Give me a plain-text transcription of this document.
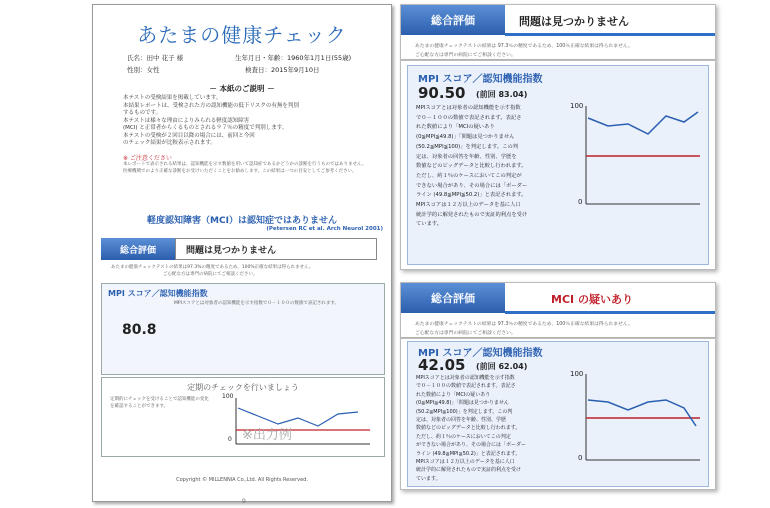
あたまの健康チェック
氏名：田中 花子 様	生年月日・年齢：1960年1月1日(55歳)
性別：女性	検査日：2015年9月10日
－ 本紙のご説明 －
本テストの受検結果を掲載しています。
本結果レポートは、受検された方の認知機能の低下リスクの有無を判別
するものです。
本テストは様々な理由によりみられる軽度認知障害
(MCI) と正常者からくるものとされる９７％の精度で判別します。
本テストの受検が２回目以降の場合には、前回と今回
のチェック結果が比較表示されます。
※ ご注意ください
本レポートで表示される結果は、認知機能を示す数値を用いて認知症であるかどうかの診断を行うものではありません。
医療機関でのより正確な診断をお受けいただくことをお勧めします。この結果は一つの目安としてご参考ください。
軽度認知障害（MCI）は認知症ではありません
(Petersen RC et al. Arch Neurol 2001)
総合評価	問題は見つかりません
あたまの健康チェックテストの結果は97.3%の精度であるため、100%正確な結果は得られません。
ご心配な方は専門の病院にてご相談ください。
MPI スコア／認知機能指数
80.8
MPIスコアとは対象者の認知機能を示す指数で０－１００の数値で表記されます。
定期のチェックを行いましょう
定期的にチェックを受けることで認知機能の変化を確認することができます。
100
0 ※出力例
Copyright © MILLENNIA Co.,Ltd. All Rights Reserved.
9
総合評価	問題は見つかりません
あたまの健康チェックテストの結果は 97.3％の精度であるため、100％正確な結果は得られません。
ご心配な方は専門の病院にてご相談ください。
MPI スコア／認知機能指数
90.50 (前回 83.04)
MPIスコアとは対象者の認知機能を示す指数
で０－１００の数値で表記されます。表記さ
れた数値により「MCIの疑いあり
(0≦MPI≦49.8)」「問題は見つかりません
(50.2≦MPI≦100)」を判定します。この判
定は、対象者の回答を年齢、性別、学歴を
数値などのビッグデータと比較し行われます。
ただし、約１％のケースにおいてこの判定が
できない場合があり、その場合には「ボーダー
ライン (49.8≦MPI≦50.2)」と表記されます。
MPIスコアは１２万以上のデータを基に人口
統計学的に解発されたもので実証的利点を受け
ています。
100
0
総合評価	MCI の疑いあり
あたまの健康チェックテストの結果は 97.3％の精度であるため、100％正確な結果は得られません。
ご心配な方は専門の病院にてご相談ください。
MPI スコア／認知機能指数
42.05 (前回 62.04)
MPIスコアとは対象者の認知機能を示す指数
で０－１００の数値で表記されます。表記さ
れた数値により「MCIの疑いあり
(0≦MPI≦49.8)」「問題は見つかりません
(50.2≦MPI≦100)」を判定します。この判
定は、対象者の回答を年齢、性別、学歴
数値などのビッグデータと比較し行われます。
ただし、約１％のケースにおいてこの判定
ができない場合があり、その場合には「ボーダー
ライン (49.8≦MPI≦50.2)」と表記されます。
MPIスコアは１２万以上のデータを基に人口
統計学的に解発されたもので実証的利点を受け
ています。
100
0
